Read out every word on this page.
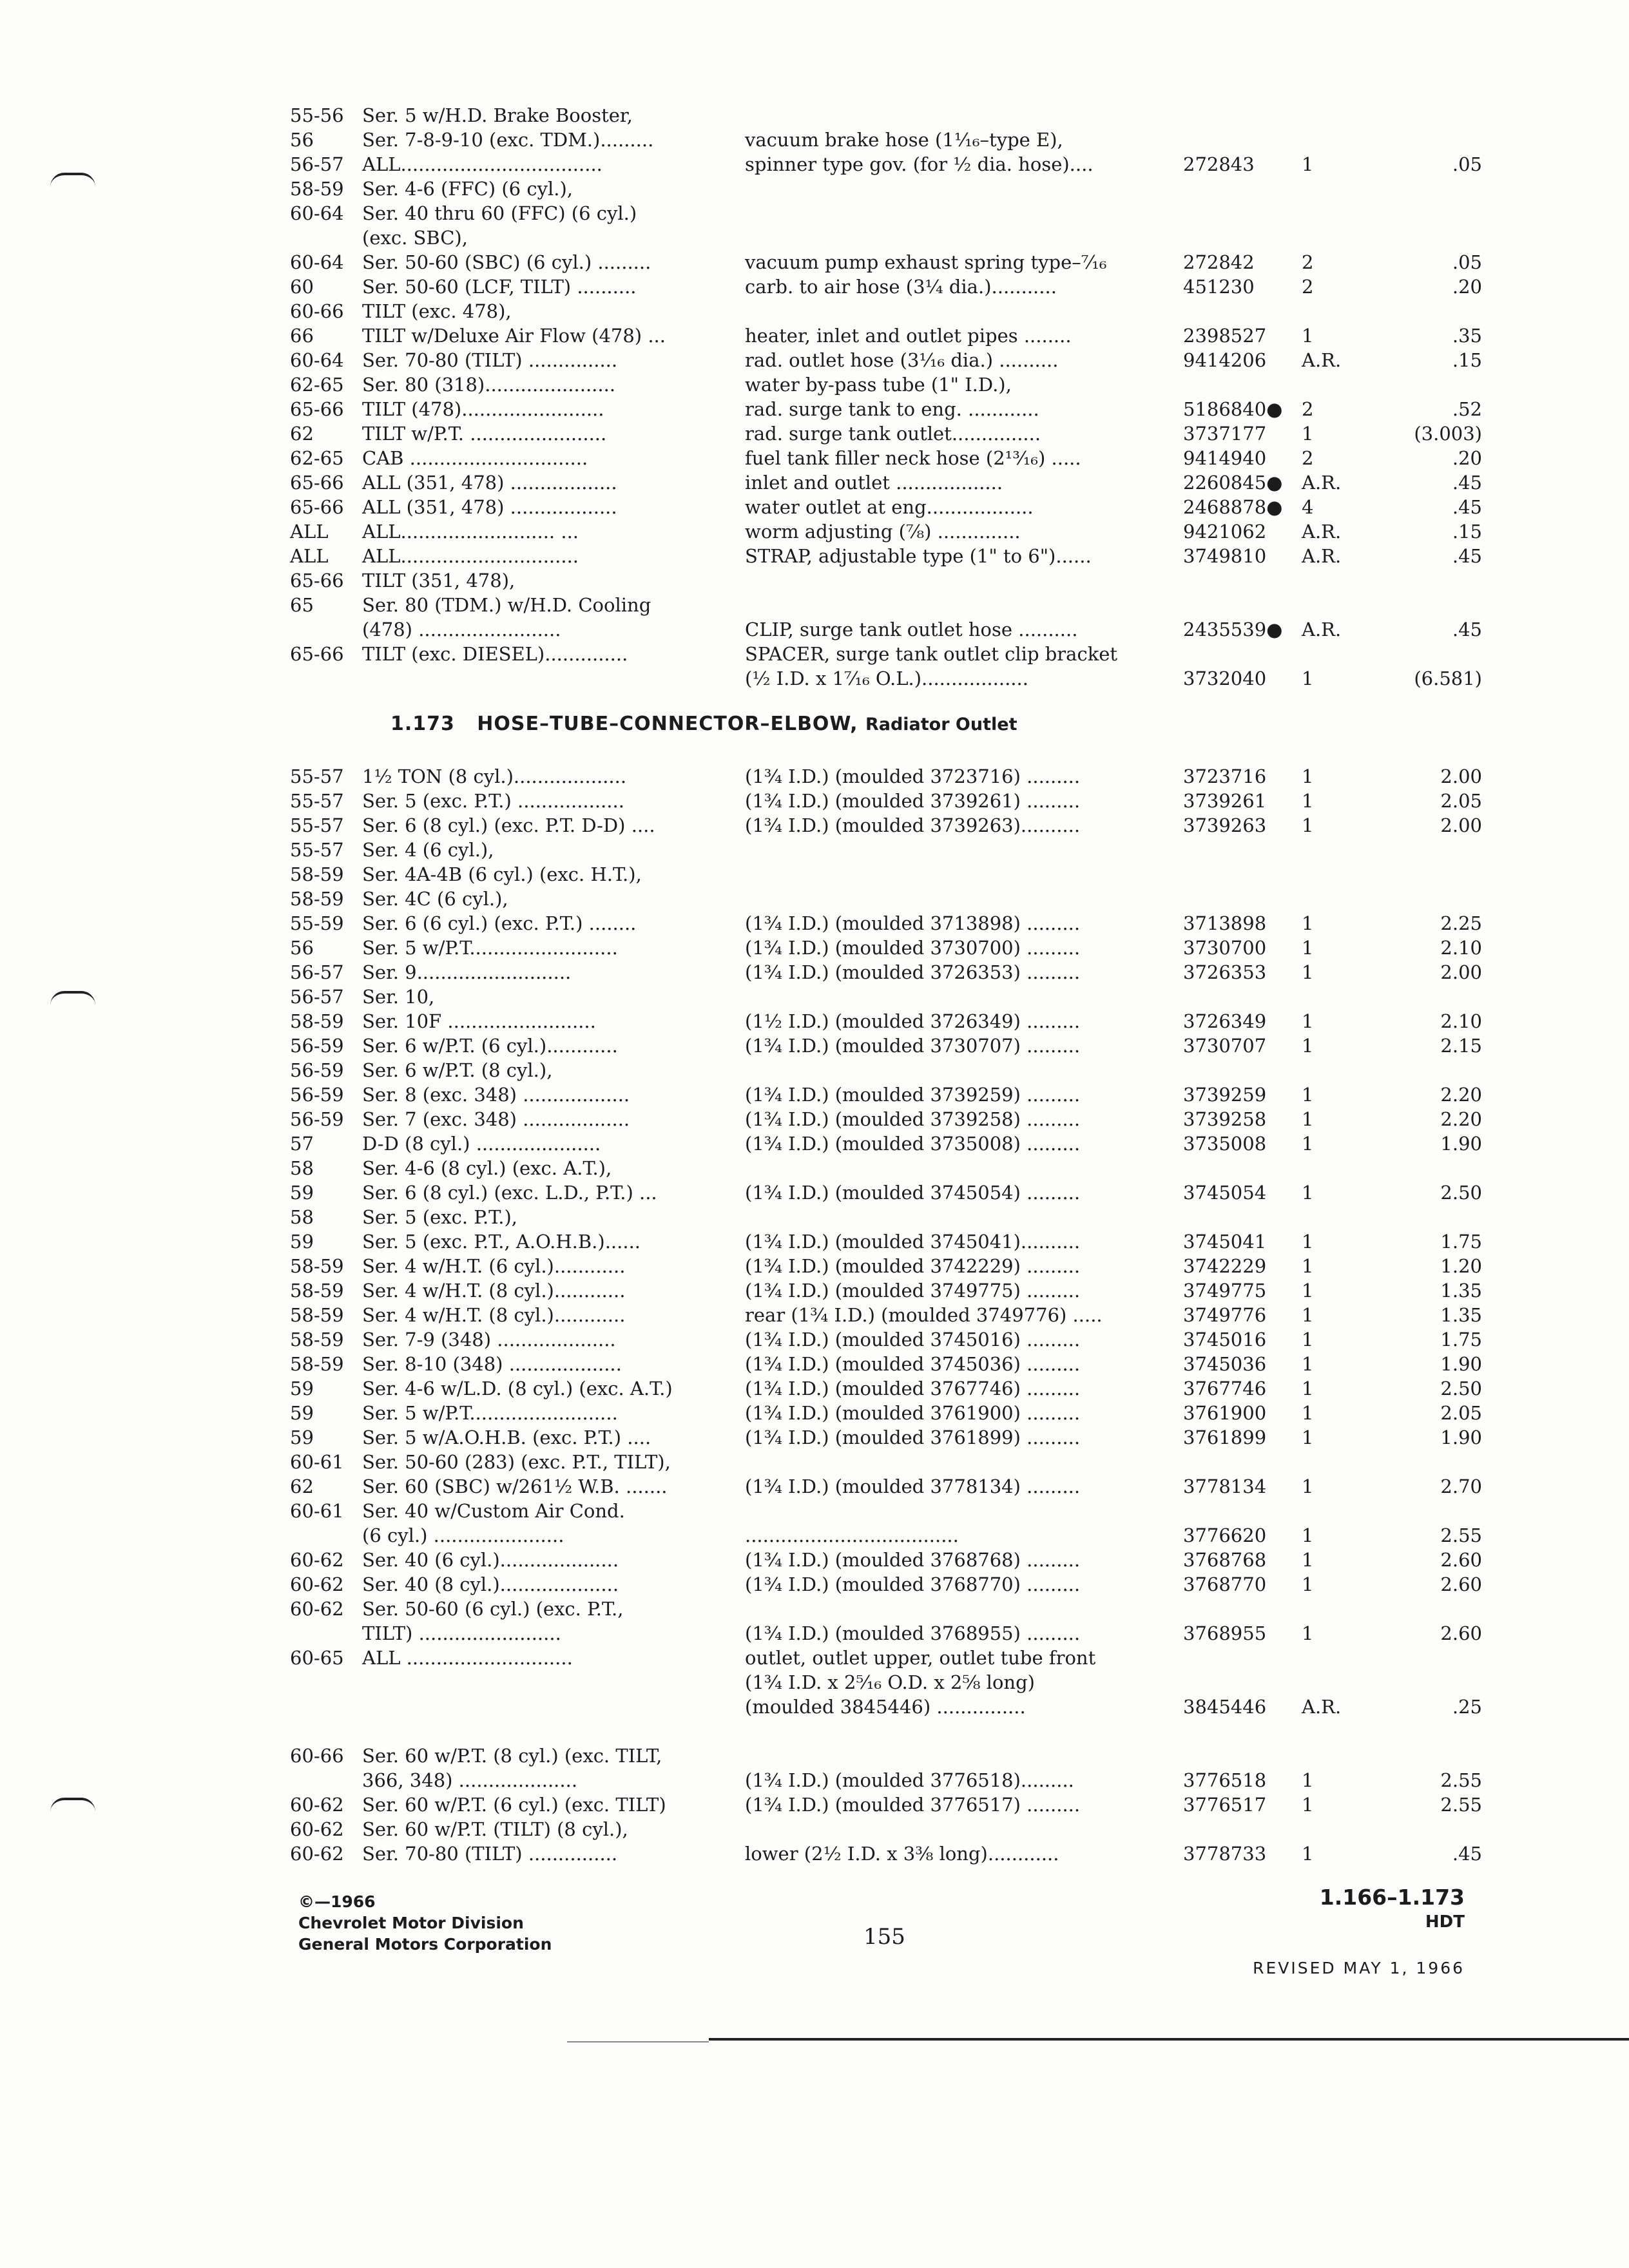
55-56 Ser. 5 w/H.D. Brake Booster,
56	Ser. 7-8-9-10 (exc. TDM.).........	vacuum brake hose (1¹⁄₁₆–type E),
56-57 ALL..................................	spinner type gov. (for ½ dia. hose)....	272843	1	.05
58-59 Ser. 4-6 (FFC) (6 cyl.),
60-64 Ser. 40 thru 60 (FFC) (6 cyl.)
(exc. SBC),
60-64 Ser. 50-60 (SBC) (6 cyl.) .........	vacuum pump exhaust spring type–⁷⁄₁₆	272842	2	.05
60	Ser. 50-60 (LCF, TILT) ..........	carb. to air hose (3¹⁄₄ dia.)...........	451230	2	.20
60-66 TILT (exc. 478),
66	TILT w/Deluxe Air Flow (478) ...	heater, inlet and outlet pipes ........	2398527	1	.35
60-64 Ser. 70-80 (TILT) ...............	rad. outlet hose (3¹⁄₁₆ dia.) ..........	9414206	A.R.	.15
62-65 Ser. 80 (318)......................	water by-pass tube (1" I.D.),
65-66 TILT (478)........................	rad. surge tank to eng. ............	5186840●	2	.52
62	TILT w/P.T. .......................	rad. surge tank outlet...............	3737177	1	(3.003)
62-65 CAB ..............................	fuel tank filler neck hose (2¹³⁄₁₆) .....	9414940	2	.20
65-66 ALL (351, 478) ..................	inlet and outlet ..................	2260845●	A.R.	.45
65-66 ALL (351, 478) ..................	water outlet at eng..................	2468878●	4	.45
ALL	ALL.......................... ...	worm adjusting (⁷⁄₈) ..............	9421062	A.R.	.15
ALL	ALL..............................	STRAP, adjustable type (1" to 6")......	3749810	A.R.	.45
65-66 TILT (351, 478),
65	Ser. 80 (TDM.) w/H.D. Cooling
(478) ........................	CLIP, surge tank outlet hose ..........	2435539●	A.R.	.45
65-66 TILT (exc. DIESEL)..............	SPACER, surge tank outlet clip bracket
(½ I.D. x 1⁷⁄₁₆ O.L.)..................	3732040	1	(6.581)
1.173 HOSE–TUBE–CONNECTOR–ELBOW, Radiator Outlet
55-57 1½ TON (8 cyl.)...................	(1¾ I.D.) (moulded 3723716) .........	3723716	1	2.00
55-57 Ser. 5 (exc. P.T.) ..................	(1¾ I.D.) (moulded 3739261) .........	3739261	1	2.05
55-57 Ser. 6 (8 cyl.) (exc. P.T. D-D) ....	(1¾ I.D.) (moulded 3739263)..........	3739263	1	2.00
55-57 Ser. 4 (6 cyl.),
58-59 Ser. 4A-4B (6 cyl.) (exc. H.T.),
58-59 Ser. 4C (6 cyl.),
55-59 Ser. 6 (6 cyl.) (exc. P.T.) ........	(1¾ I.D.) (moulded 3713898) .........	3713898	1	2.25
56	Ser. 5 w/P.T.........................	(1¾ I.D.) (moulded 3730700) .........	3730700	1	2.10
56-57 Ser. 9..........................	(1¾ I.D.) (moulded 3726353) .........	3726353	1	2.00
56-57 Ser. 10,
58-59 Ser. 10F .........................	(1½ I.D.) (moulded 3726349) .........	3726349	1	2.10
56-59 Ser. 6 w/P.T. (6 cyl.)............	(1¾ I.D.) (moulded 3730707) .........	3730707	1	2.15
56-59 Ser. 6 w/P.T. (8 cyl.),
56-59 Ser. 8 (exc. 348) ..................	(1¾ I.D.) (moulded 3739259) .........	3739259	1	2.20
56-59 Ser. 7 (exc. 348) ..................	(1¾ I.D.) (moulded 3739258) .........	3739258	1	2.20
57	D-D (8 cyl.) .....................	(1¾ I.D.) (moulded 3735008) .........	3735008	1	1.90
58	Ser. 4-6 (8 cyl.) (exc. A.T.),
59	Ser. 6 (8 cyl.) (exc. L.D., P.T.) ...	(1¾ I.D.) (moulded 3745054) .........	3745054	1	2.50
58	Ser. 5 (exc. P.T.),
59	Ser. 5 (exc. P.T., A.O.H.B.)......	(1¾ I.D.) (moulded 3745041)..........	3745041	1	1.75
58-59 Ser. 4 w/H.T. (6 cyl.)............	(1¾ I.D.) (moulded 3742229) .........	3742229	1	1.20
58-59 Ser. 4 w/H.T. (8 cyl.)............	(1¾ I.D.) (moulded 3749775) .........	3749775	1	1.35
58-59 Ser. 4 w/H.T. (8 cyl.)............	rear (1¾ I.D.) (moulded 3749776) .....	3749776	1	1.35
58-59 Ser. 7-9 (348) ....................	(1¾ I.D.) (moulded 3745016) .........	3745016	1	1.75
58-59 Ser. 8-10 (348) ...................	(1¾ I.D.) (moulded 3745036) .........	3745036	1	1.90
59	Ser. 4-6 w/L.D. (8 cyl.) (exc. A.T.)	(1¾ I.D.) (moulded 3767746) .........	3767746	1	2.50
59	Ser. 5 w/P.T.........................	(1¾ I.D.) (moulded 3761900) .........	3761900	1	2.05
59	Ser. 5 w/A.O.H.B. (exc. P.T.) ....	(1¾ I.D.) (moulded 3761899) .........	3761899	1	1.90
60-61 Ser. 50-60 (283) (exc. P.T., TILT),
62	Ser. 60 (SBC) w/261½ W.B. .......	(1¾ I.D.) (moulded 3778134) .........	3778134	1	2.70
60-61 Ser. 40 w/Custom Air Cond.
(6 cyl.) ......................	....................................	3776620	1	2.55
60-62 Ser. 40 (6 cyl.)....................	(1¾ I.D.) (moulded 3768768) .........	3768768	1	2.60
60-62 Ser. 40 (8 cyl.)....................	(1¾ I.D.) (moulded 3768770) .........	3768770	1	2.60
60-62 Ser. 50-60 (6 cyl.) (exc. P.T.,
TILT) ........................	(1¾ I.D.) (moulded 3768955) .........	3768955	1	2.60
60-65 ALL ............................	outlet, outlet upper, outlet tube front
(1¾ I.D. x 2⁵⁄₁₆ O.D. x 2⅝ long)
(moulded 3845446) ...............	3845446	A.R.	.25
60-66 Ser. 60 w/P.T. (8 cyl.) (exc. TILT,
366, 348) ....................	(1¾ I.D.) (moulded 3776518).........	3776518	1	2.55
60-62 Ser. 60 w/P.T. (6 cyl.) (exc. TILT)	(1¾ I.D.) (moulded 3776517) .........	3776517	1	2.55
60-62 Ser. 60 w/P.T. (TILT) (8 cyl.),
60-62 Ser. 70-80 (TILT) ...............	lower (2½ I.D. x 3⅜ long)............	3778733	1	.45
©—1966
Chevrolet Motor Division
General Motors Corporation	155
1.166–1.173
HDT
REVISED MAY 1, 1966
